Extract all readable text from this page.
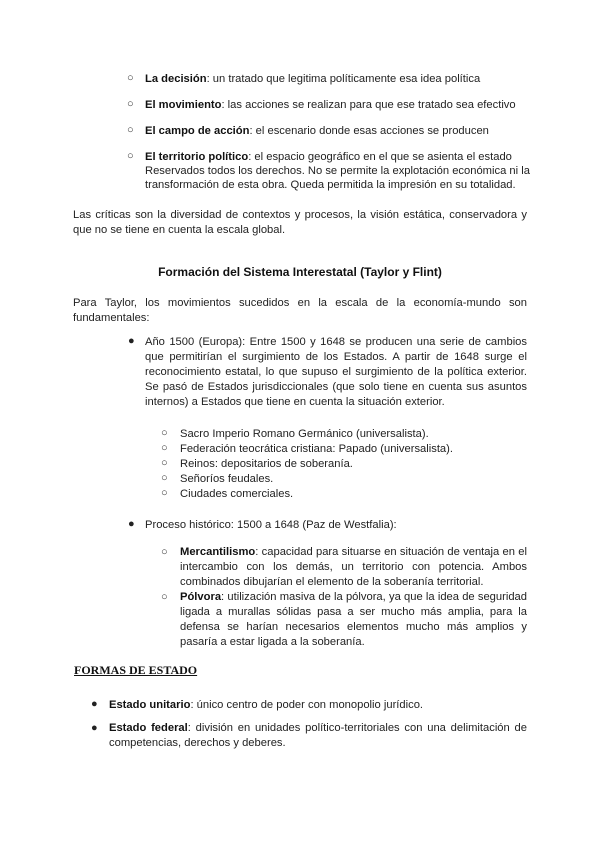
○ La decisión: un tratado que legitima políticamente esa idea política
○ El movimiento: las acciones se realizan para que ese tratado sea efectivo
○ El campo de acción: el escenario donde esas acciones se producen
○ El territorio político: el espacio geográfico en el que se asienta el estado
Reservados todos los derechos. No se permite la explotación económica ni la
transformación de esta obra. Queda permitida la impresión en su totalidad.
Las críticas son la diversidad de contextos y procesos, la visión estática, conservadora y que no se tiene en cuenta la escala global.
Formación del Sistema Interestatal (Taylor y Flint)
Para Taylor, los movimientos sucedidos en la escala de la economía-mundo son fundamentales:
● Año 1500 (Europa): Entre 1500 y 1648 se producen una serie de cambios que permitirían el surgimiento de los Estados. A partir de 1648 surge el reconocimiento estatal, lo que supuso el surgimiento de la política exterior. Se pasó de Estados jurisdiccionales (que solo tiene en cuenta sus asuntos internos) a Estados que tiene en cuenta la situación exterior.
○ Sacro Imperio Romano Germánico (universalista).
○ Federación teocrática cristiana: Papado (universalista).
○ Reinos: depositarios de soberanía.
○ Señoríos feudales.
○ Ciudades comerciales.
● Proceso histórico: 1500 a 1648 (Paz de Westfalia):
○ Mercantilismo: capacidad para situarse en situación de ventaja en el intercambio con los demás, un territorio con potencia. Ambos combinados dibujarían el elemento de la soberanía territorial.
○ Pólvora: utilización masiva de la pólvora, ya que la idea de seguridad ligada a murallas sólidas pasa a ser mucho más amplia, para la defensa se harían necesarios elementos mucho más amplios y pasaría a estar ligada a la soberanía.
FORMAS DE ESTADO
● Estado unitario: único centro de poder con monopolio jurídico.
● Estado federal: división en unidades político-territoriales con una delimitación de competencias, derechos y deberes.
